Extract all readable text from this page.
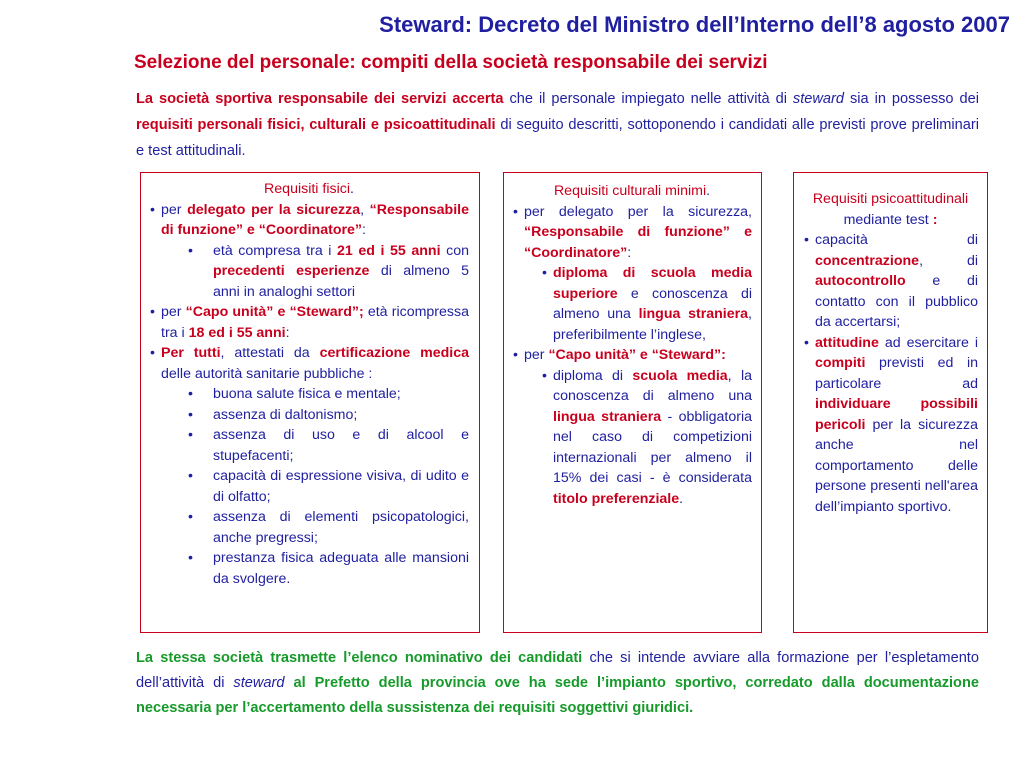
Steward: Decreto del Ministro dell’Interno dell’8 agosto 2007
Selezione del personale: compiti della società responsabile dei servizi
La società sportiva responsabile dei servizi accerta che il personale impiegato nelle attività di steward sia in possesso dei requisiti personali fisici, culturali e psicoattitudinali di seguito descritti, sottoponendo i candidati alle previsti prove preliminari e test attitudinali.
Requisiti fisici.
• per delegato per la sicurezza, “Responsabile di funzione” e “Coordinatore”:
• età compresa tra i 21 ed i 55 anni con precedenti esperienze di almeno 5 anni in analoghi settori
• per “Capo unità” e “Steward”; età ricompressa tra i 18 ed i 55 anni:
• Per tutti, attestati da certificazione medica delle autorità sanitarie pubbliche :
• buona salute fisica e mentale;
• assenza di daltonismo;
• assenza di uso e di alcool e stupefacenti;
• capacità di espressione visiva, di udito e di olfatto;
• assenza di elementi psicopatologici, anche pregressi;
• prestanza fisica adeguata alle mansioni da svolgere.
Requisiti culturali minimi.
• per delegato per la sicurezza, “Responsabile di funzione” e “Coordinatore”:
• diploma di scuola media superiore e conoscenza di almeno una lingua straniera, preferibilmente l’inglese,
• per “Capo unità” e “Steward”:
• diploma di scuola media, la conoscenza di almeno una lingua straniera - obbligatoria nel caso di competizioni internazionali per almeno il 15% dei casi - è considerata titolo preferenziale.
Requisiti psicoattitudinali
mediante test :
• capacità di concentrazione, di autocontrollo e di contatto con il pubblico da accertarsi;
• attitudine ad esercitare i compiti previsti ed in particolare ad individuare possibili pericoli per la sicurezza anche nel comportamento delle persone presenti nell'area dell’impianto sportivo.
La stessa società trasmette l’elenco nominativo dei candidati che si intende avviare alla formazione per l’espletamento dell’attività di steward al Prefetto della provincia ove ha sede l’impianto sportivo, corredato dalla documentazione necessaria per l’accertamento della sussistenza dei requisiti soggettivi giuridici.
